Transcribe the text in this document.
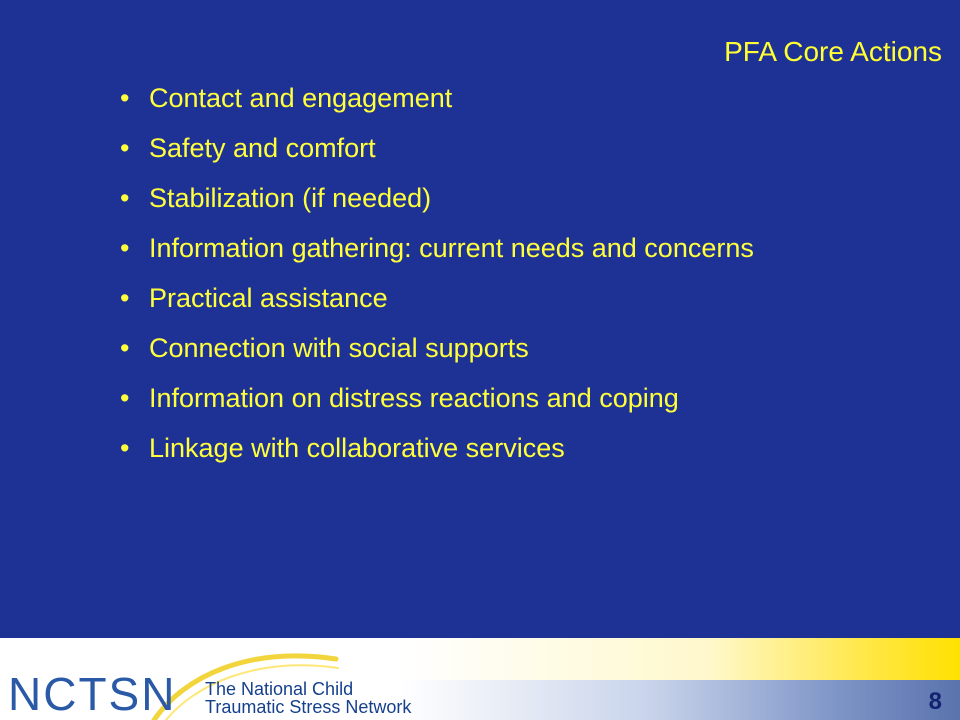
PFA Core Actions
• Contact and engagement
• Safety and comfort
• Stabilization (if needed)
• Information gathering: current needs and concerns
• Practical assistance
• Connection with social supports
• Information on distress reactions and coping
• Linkage with collaborative services
NCTSN The National Child
Traumatic Stress Network	8
